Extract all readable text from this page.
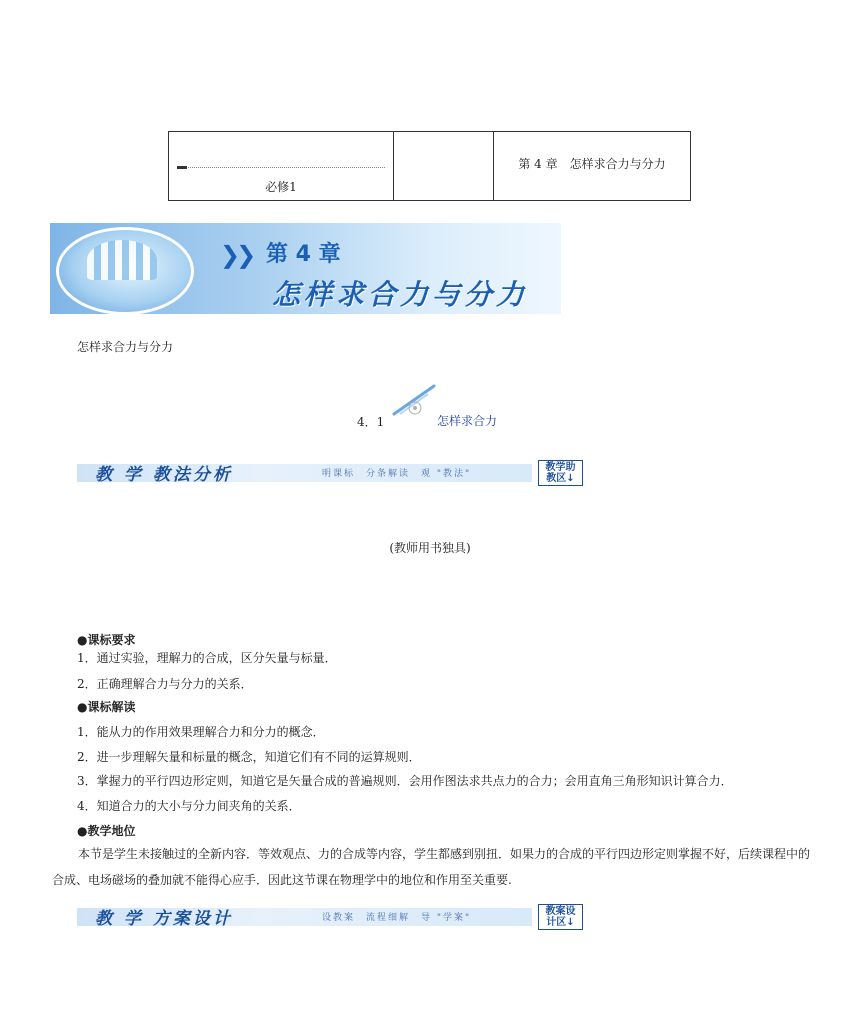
必修1
第 4 章　怎样求合力与分力
❯❯ 第 4 章
怎样求合力与分力
怎样求合力与分力
4．1	怎样求合力
教 学 教法分析	明课标　分条解读　观 "教法"
教学助
教区↓
(教师用书独具)
●课标要求
1．通过实验，理解力的合成，区分矢量与标量．
2．正确理解合力与分力的关系．
●课标解读
1．能从力的作用效果理解合力和分力的概念．
2．进一步理解矢量和标量的概念，知道它们有不同的运算规则．
3．掌握力的平行四边形定则，知道它是矢量合成的普遍规则．会用作图法求共点力的合力；会用直角三角形知识计算合力．
4．知道合力的大小与分力间夹角的关系．
●教学地位
本节是学生未接触过的全新内容．等效观点、力的合成等内容，学生都感到别扭．如果力的合成的平行四边形定则掌握不好，后续课程中的合成、电场磁场的叠加就不能得心应手．因此这节课在物理学中的地位和作用至关重要.
教 学 方案设计	设教案　流程细解　导 "学案"
教案设
计区↓
